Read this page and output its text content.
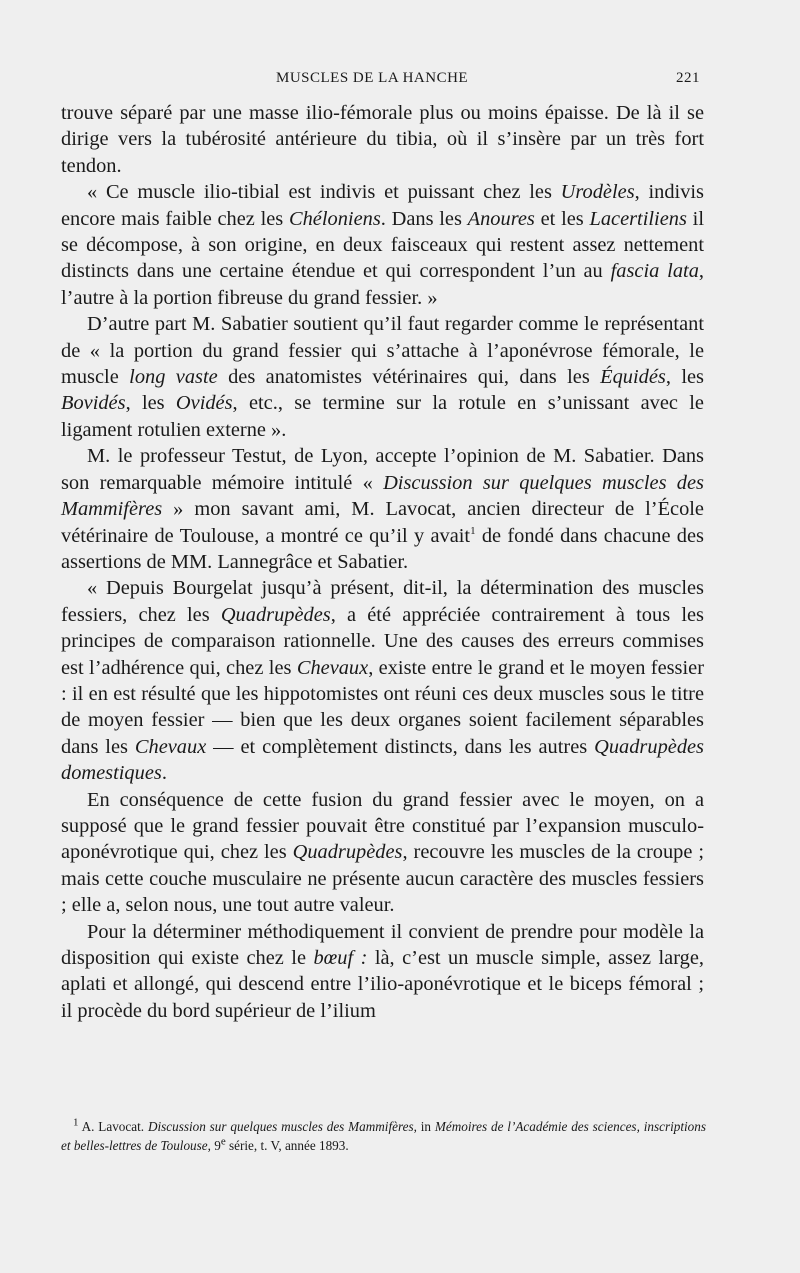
MUSCLES DE LA HANCHE	221

trouve séparé par une masse ilio-fémorale plus ou moins épaisse. De là il se dirige vers la tubérosité antérieure du tibia, où il s’insère par un très fort tendon.

« Ce muscle ilio-tibial est indivis et puissant chez les Urodèles, indivis encore mais faible chez les Chéloniens. Dans les Anoures et les Lacertiliens il se décompose, à son origine, en deux faisceaux qui restent assez nettement distincts dans une certaine étendue et qui correspondent l’un au fascia lata, l’autre à la portion fibreuse du grand fessier. »

D’autre part M. Sabatier soutient qu’il faut regarder comme le représentant de « la portion du grand fessier qui s’attache à l’aponévrose fémorale, le muscle long vaste des anatomistes vétérinaires qui, dans les Équidés, les Bovidés, les Ovidés, etc., se termine sur la rotule en s’unissant avec le ligament rotulien externe ».

M. le professeur Testut, de Lyon, accepte l’opinion de M. Sabatier. Dans son remarquable mémoire intitulé « Discussion sur quelques muscles des Mammifères » mon savant ami, M. Lavocat, ancien directeur de l’École vétérinaire de Toulouse, a montré ce qu’il y avait$^1$ de fondé dans chacune des assertions de MM. Lannegrâce et Sabatier.

« Depuis Bourgelat jusqu’à présent, dit-il, la détermination des muscles fessiers, chez les Quadrupèdes, a été appréciée contrairement à tous les principes de comparaison rationnelle. Une des causes des erreurs commises est l’adhérence qui, chez les Chevaux, existe entre le grand et le moyen fessier : il en est résulté que les hippotomistes ont réuni ces deux muscles sous le titre de moyen fessier — bien que les deux organes soient facilement séparables dans les Chevaux — et complètement distincts, dans les autres Quadrupèdes domestiques.

En conséquence de cette fusion du grand fessier avec le moyen, on a supposé que le grand fessier pouvait être constitué par l’expansion musculo-aponévrotique qui, chez les Quadrupèdes, recouvre les muscles de la croupe ; mais cette couche musculaire ne présente aucun caractère des muscles fessiers ; elle a, selon nous, une tout autre valeur.

Pour la déterminer méthodiquement il convient de prendre pour modèle la disposition qui existe chez le bœuf : là, c’est un muscle simple, assez large, aplati et allongé, qui descend entre l’ilio-aponévrotique et le biceps fémoral ; il procède du bord supérieur de l’ilium

$^1$ A. Lavocat. Discussion sur quelques muscles des Mammifères, in Mémoires de l’Académie des sciences, inscriptions et belles-lettres de Toulouse, 9e série, t. V, année 1893.
